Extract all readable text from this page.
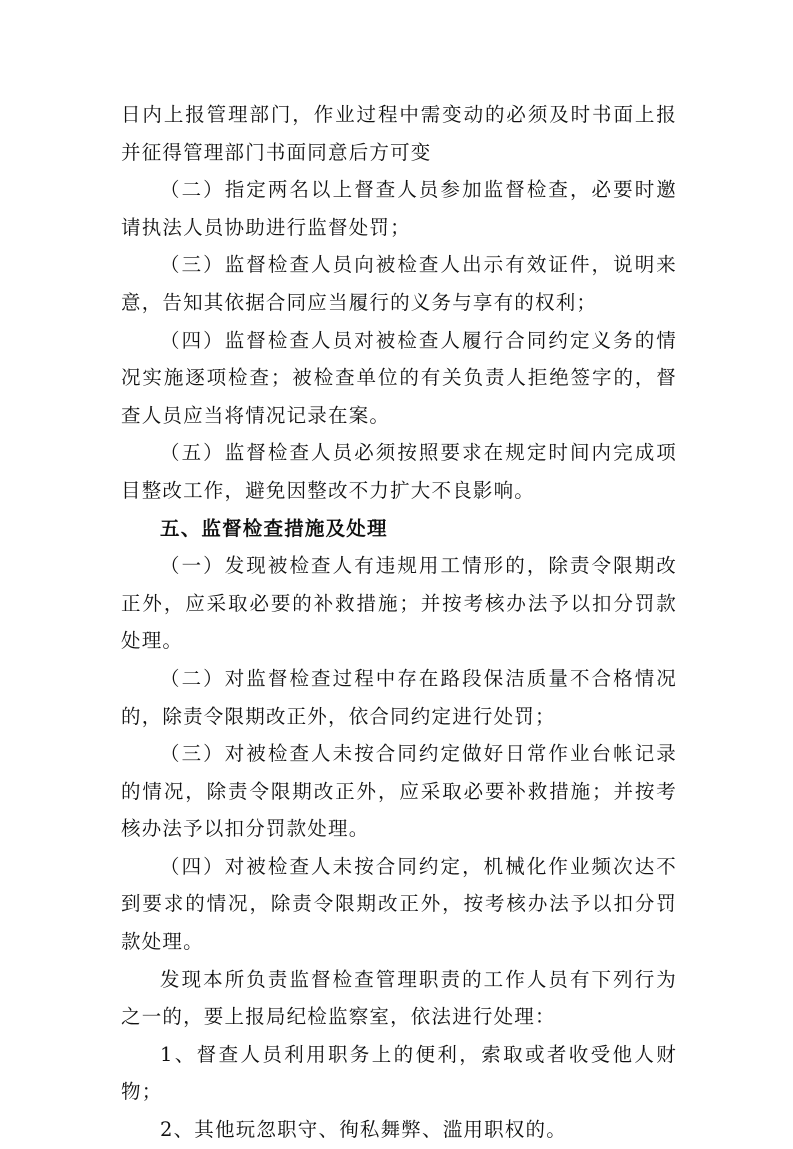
日内上报管理部门，作业过程中需变动的必须及时书面上报并征得管理部门书面同意后方可变

（二）指定两名以上督查人员参加监督检查，必要时邀请执法人员协助进行监督处罚；

（三）监督检查人员向被检查人出示有效证件，说明来意，告知其依据合同应当履行的义务与享有的权利；

（四）监督检查人员对被检查人履行合同约定义务的情况实施逐项检查；被检查单位的有关负责人拒绝签字的，督查人员应当将情况记录在案。

（五）监督检查人员必须按照要求在规定时间内完成项目整改工作，避免因整改不力扩大不良影响。

五、监督检查措施及处理

（一）发现被检查人有违规用工情形的，除责令限期改正外，应采取必要的补救措施；并按考核办法予以扣分罚款处理。

（二）对监督检查过程中存在路段保洁质量不合格情况的，除责令限期改正外，依合同约定进行处罚；

（三）对被检查人未按合同约定做好日常作业台帐记录的情况，除责令限期改正外，应采取必要补救措施；并按考核办法予以扣分罚款处理。

（四）对被检查人未按合同约定，机械化作业频次达不到要求的情况，除责令限期改正外，按考核办法予以扣分罚款处理。

发现本所负责监督检查管理职责的工作人员有下列行为之一的，要上报局纪检监察室，依法进行处理：

1、督查人员利用职务上的便利，索取或者收受他人财物；

2、其他玩忽职守、徇私舞弊、滥用职权的。
